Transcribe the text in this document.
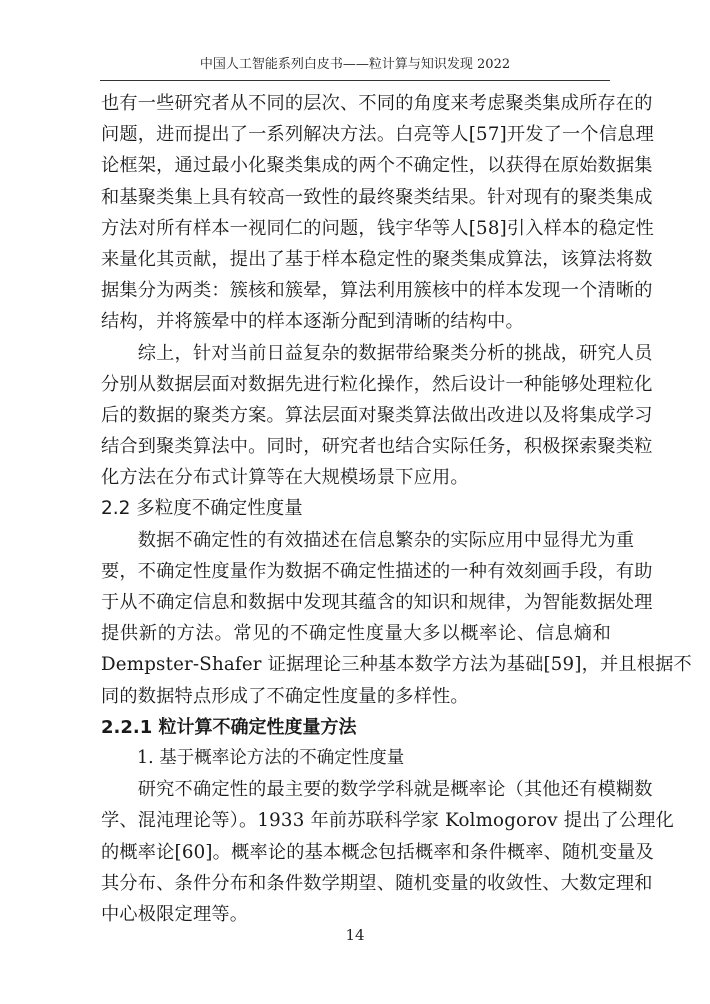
中国人工智能系列白皮书——粒计算与知识发现 2022
也有一些研究者从不同的层次、不同的角度来考虑聚类集成所存在的
问题，进而提出了一系列解决方法。白亮等人[57]开发了一个信息理
论框架，通过最小化聚类集成的两个不确定性，以获得在原始数据集
和基聚类集上具有较高一致性的最终聚类结果。针对现有的聚类集成
方法对所有样本一视同仁的问题，钱宇华等人[58]引入样本的稳定性
来量化其贡献，提出了基于样本稳定性的聚类集成算法，该算法将数
据集分为两类：簇核和簇晕，算法利用簇核中的样本发现一个清晰的
结构，并将簇晕中的样本逐渐分配到清晰的结构中。
　　综上，针对当前日益复杂的数据带给聚类分析的挑战，研究人员
分别从数据层面对数据先进行粒化操作，然后设计一种能够处理粒化
后的数据的聚类方案。算法层面对聚类算法做出改进以及将集成学习
结合到聚类算法中。同时，研究者也结合实际任务，积极探索聚类粒
化方法在分布式计算等在大规模场景下应用。
2.2 多粒度不确定性度量
　　数据不确定性的有效描述在信息繁杂的实际应用中显得尤为重
要，不确定性度量作为数据不确定性描述的一种有效刻画手段，有助
于从不确定信息和数据中发现其蕴含的知识和规律，为智能数据处理
提供新的方法。常见的不确定性度量大多以概率论、信息熵和
Dempster-Shafer 证据理论三种基本数学方法为基础[59]，并且根据不
同的数据特点形成了不确定性度量的多样性。
2.2.1 粒计算不确定性度量方法
1. 基于概率论方法的不确定性度量
　　研究不确定性的最主要的数学学科就是概率论（其他还有模糊数
学、混沌理论等）。1933 年前苏联科学家 Kolmogorov 提出了公理化
的概率论[60]。概率论的基本概念包括概率和条件概率、随机变量及
其分布、条件分布和条件数学期望、随机变量的收敛性、大数定理和
中心极限定理等。
14
